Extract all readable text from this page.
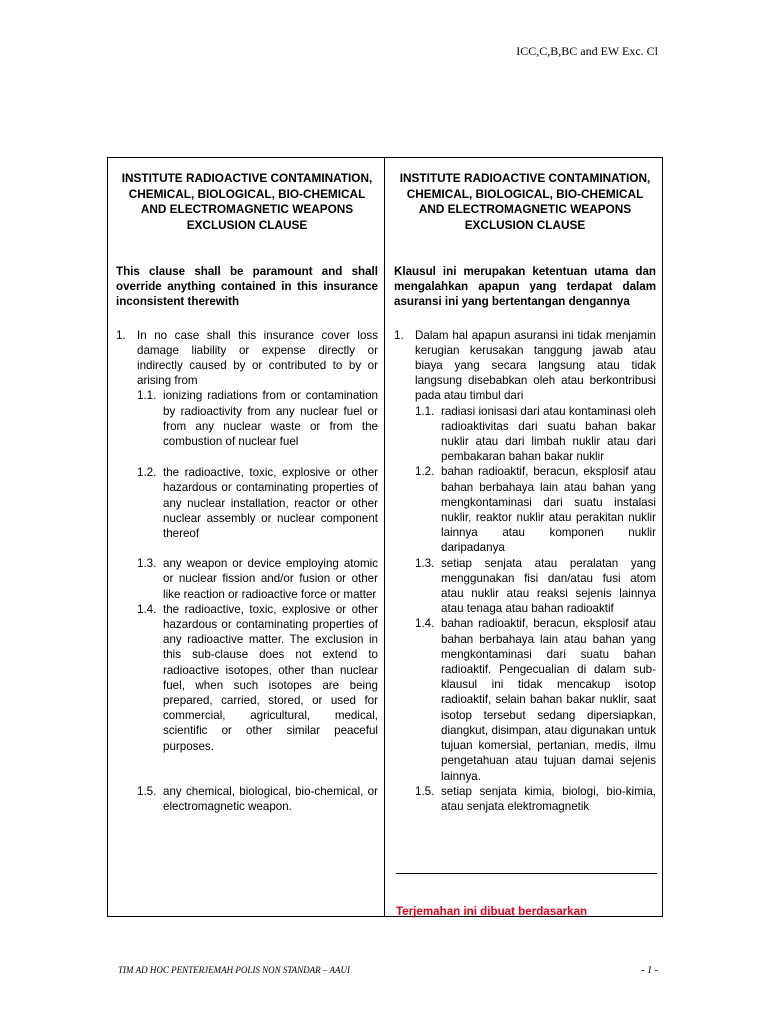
ICC,C,B,BC and EW Exc. Cl

INSTITUTE RADIOACTIVE CONTAMINATION, CHEMICAL, BIOLOGICAL, BIO-CHEMICAL AND ELECTROMAGNETIC WEAPONS EXCLUSION CLAUSE

This clause shall be paramount and shall override anything contained in this insurance inconsistent therewith
1. In no case shall this insurance cover loss damage liability or expense directly or indirectly caused by or contributed to by or arising from
1.1. ionizing radiations from or contamination by radioactivity from any nuclear fuel or from any nuclear waste or from the combustion of nuclear fuel
1.2. the radioactive, toxic, explosive or other hazardous or contaminating properties of any nuclear installation, reactor or other nuclear assembly or nuclear component thereof
1.3. any weapon or device employing atomic or nuclear fission and/or fusion or other like reaction or radioactive force or matter
1.4. the radioactive, toxic, explosive or other hazardous or contaminating properties of any radioactive matter. The exclusion in this sub-clause does not extend to radioactive isotopes, other than nuclear fuel, when such isotopes are being prepared, carried, stored, or used for commercial, agricultural, medical, scientific or other similar peaceful purposes.
1.5. any chemical, biological, bio-chemical, or electromagnetic weapon.

INSTITUTE RADIOACTIVE CONTAMINATION, CHEMICAL, BIOLOGICAL, BIO-CHEMICAL AND ELECTROMAGNETIC WEAPONS EXCLUSION CLAUSE

Klausul ini merupakan ketentuan utama dan mengalahkan apapun yang terdapat dalam asuransi ini yang bertentangan dengannya
1. Dalam hal apapun asuransi ini tidak menjamin kerugian kerusakan tanggung jawab atau biaya yang secara langsung atau tidak langsung disebabkan oleh atau berkontribusi pada atau timbul dari
1.1. radiasi ionisasi dari atau kontaminasi oleh radioaktivitas dari suatu bahan bakar nuklir atau dari limbah nuklir atau dari pembakaran bahan bakar nuklir
1.2. bahan radioaktif, beracun, eksplosif atau bahan berbahaya lain atau bahan yang mengkontaminasi dari suatu instalasi nuklir, reaktor nuklir atau perakitan nuklir lainnya atau komponen nuklir daripadanya
1.3. setiap senjata atau peralatan yang menggunakan fisi dan/atau fusi atom atau nuklir atau reaksi sejenis lainnya atau tenaga atau bahan radioaktif
1.4. bahan radioaktif, beracun, eksplosif atau bahan berbahaya lain atau bahan yang mengkontaminasi dari suatu bahan radioaktif. Pengecualian di dalam sub-klausul ini tidak mencakup isotop radioaktif, selain bahan bakar nuklir, saat isotop tersebut sedang dipersiapkan, diangkut, disimpan, atau digunakan untuk tujuan komersial, pertanian, medis, ilmu pengetahuan atau tujuan damai sejenis lainnya.
1.5. setiap senjata kimia, biologi, bio-kimia, atau senjata elektromagnetik
Terjemahan ini dibuat berdasarkan
TIM AD HOC PENTERJEMAH POLIS NON STANDAR – AAUI	- 1 -
